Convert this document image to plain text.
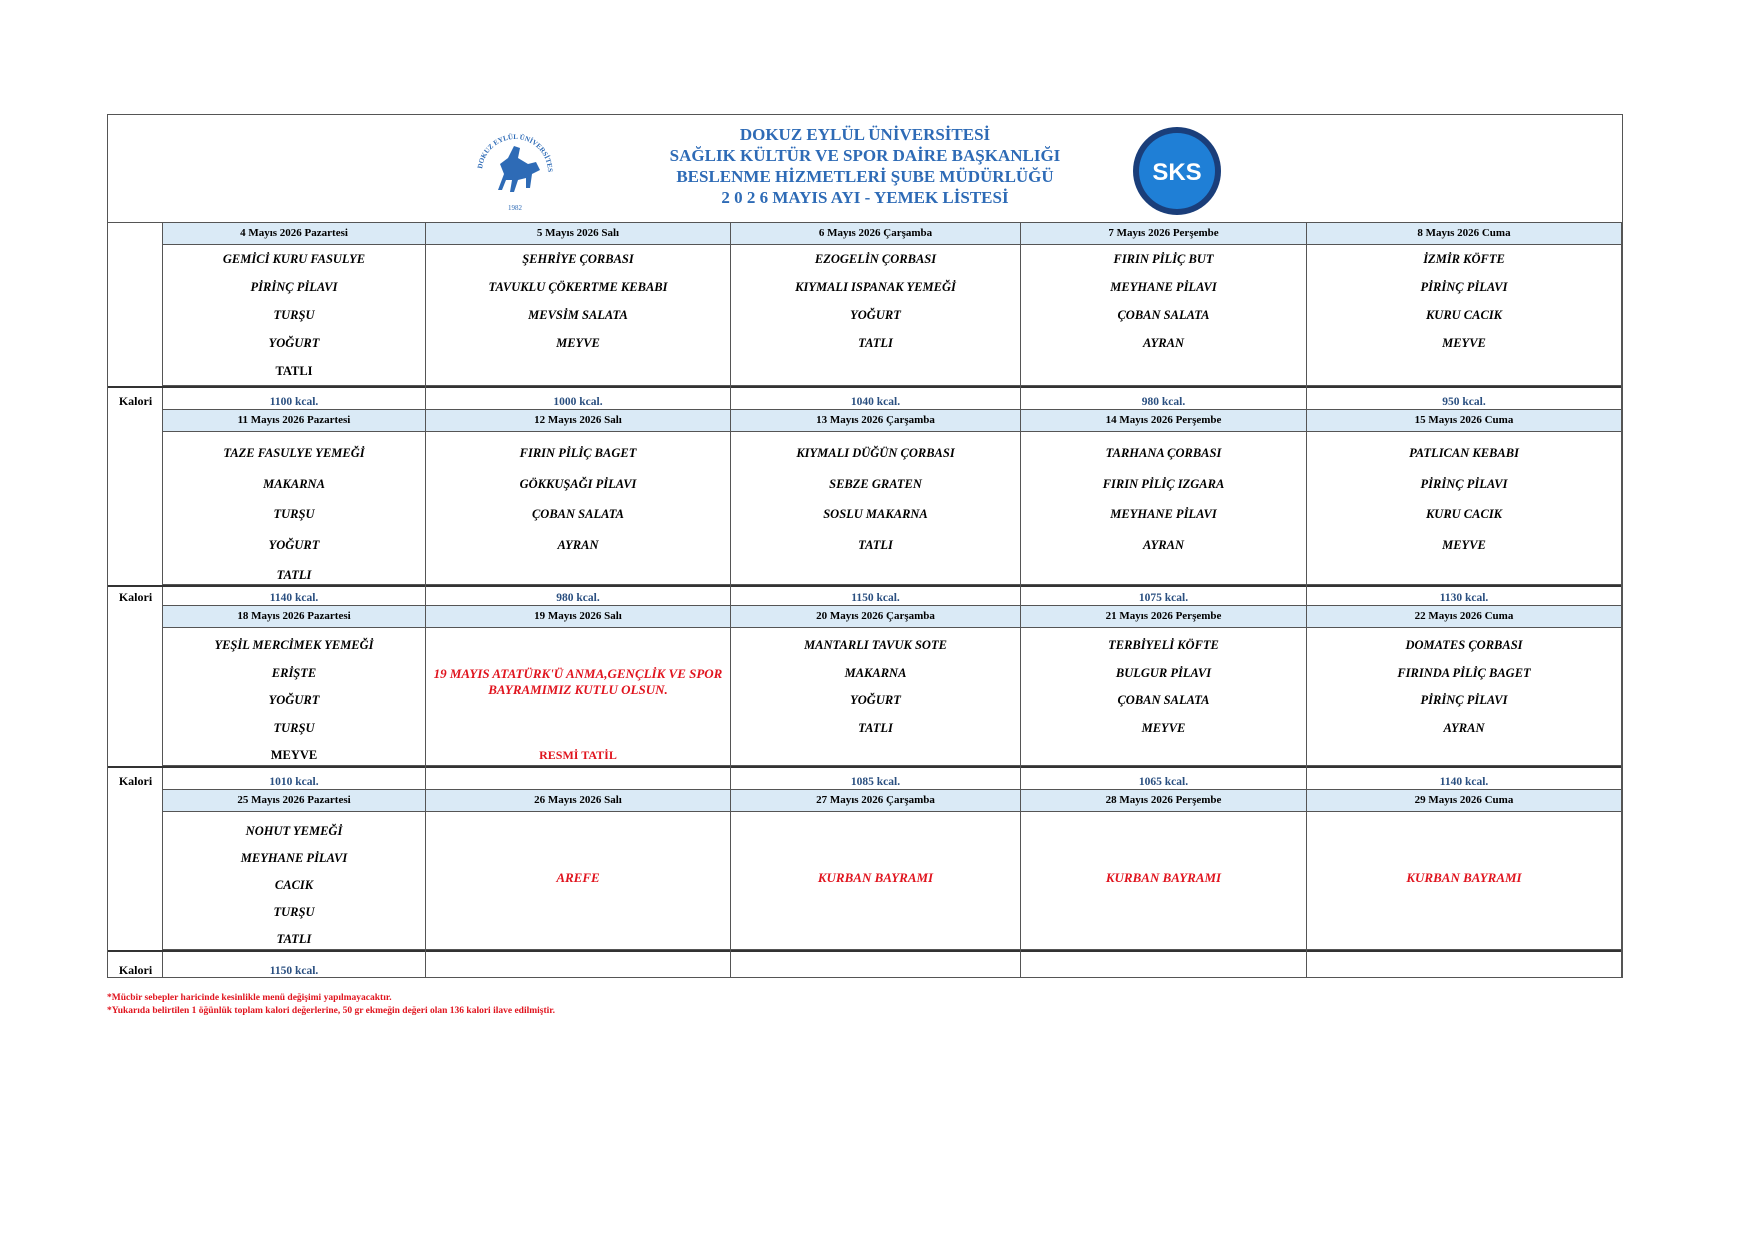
DOKUZ EYLÜL ÜNİVERSİTES
1982
DOKUZ EYLÜL ÜNİVERSİTESİ
SAĞLIK KÜLTÜR VE SPOR DAİRE BAŞKANLIĞI
BESLENME HİZMETLERİ ŞUBE MÜDÜRLÜĞÜ
2 0 2 6 MAYIS AYI - YEMEK LİSTESİ
SKS
Kalori
4 Mayıs 2026 Pazartesi
GEMİCİ KURU FASULYE
PİRİNÇ PİLAVI
TURŞU
YOĞURT
TATLI
1100 kcal.
5 Mayıs 2026 Salı
ŞEHRİYE ÇORBASI
TAVUKLU ÇÖKERTME KEBABI
MEVSİM SALATA
MEYVE
1000 kcal.
6 Mayıs 2026 Çarşamba
EZOGELİN ÇORBASI
KIYMALI ISPANAK YEMEĞİ
YOĞURT
TATLI
1040 kcal.
7 Mayıs 2026 Perşembe
FIRIN PİLİÇ BUT
MEYHANE PİLAVI
ÇOBAN SALATA
AYRAN
980 kcal.
8 Mayıs 2026 Cuma
İZMİR KÖFTE
PİRİNÇ PİLAVI
KURU CACIK
MEYVE
950 kcal.
Kalori
11 Mayıs 2026 Pazartesi
TAZE FASULYE YEMEĞİ
MAKARNA
TURŞU
YOĞURT
TATLI
1140 kcal.
12 Mayıs 2026 Salı
FIRIN PİLİÇ BAGET
GÖKKUŞAĞI PİLAVI
ÇOBAN SALATA
AYRAN
980 kcal.
13 Mayıs 2026 Çarşamba
KIYMALI DÜĞÜN ÇORBASI
SEBZE GRATEN
SOSLU MAKARNA
TATLI
1150 kcal.
14 Mayıs 2026 Perşembe
TARHANA ÇORBASI
FIRIN PİLİÇ IZGARA
MEYHANE PİLAVI
AYRAN
1075 kcal.
15 Mayıs 2026 Cuma
PATLICAN KEBABI
PİRİNÇ PİLAVI
KURU CACIK
MEYVE
1130 kcal.
Kalori
18 Mayıs 2026 Pazartesi
YEŞİL MERCİMEK YEMEĞİ
ERİŞTE
YOĞURT
TURŞU
MEYVE
1010 kcal.
19 Mayıs 2026 Salı
19 MAYIS ATATÜRK'Ü ANMA,GENÇLİK VE SPOR BAYRAMIMIZ KUTLU OLSUN.
RESMİ TATİL
20 Mayıs 2026 Çarşamba
MANTARLI TAVUK SOTE
MAKARNA
YOĞURT
TATLI
1085 kcal.
21 Mayıs 2026 Perşembe
TERBİYELİ KÖFTE
BULGUR PİLAVI
ÇOBAN SALATA
MEYVE
1065 kcal.
22 Mayıs 2026 Cuma
DOMATES ÇORBASI
FIRINDA PİLİÇ BAGET
PİRİNÇ PİLAVI
AYRAN
1140 kcal.
Kalori
25 Mayıs 2026 Pazartesi
NOHUT YEMEĞİ
MEYHANE PİLAVI
CACIK
TURŞU
TATLI
1150 kcal.
26 Mayıs 2026 Salı
AREFE
27 Mayıs 2026 Çarşamba
KURBAN BAYRAMI
28 Mayıs 2026 Perşembe
KURBAN BAYRAMI
29 Mayıs 2026 Cuma
KURBAN BAYRAMI
*Mücbir sebepler haricinde kesinlikle menü değişimi yapılmayacaktır.
*Yukarıda belirtilen 1 öğünlük toplam kalori değerlerine, 50 gr ekmeğin değeri olan 136 kalori ilave edilmiştir.
